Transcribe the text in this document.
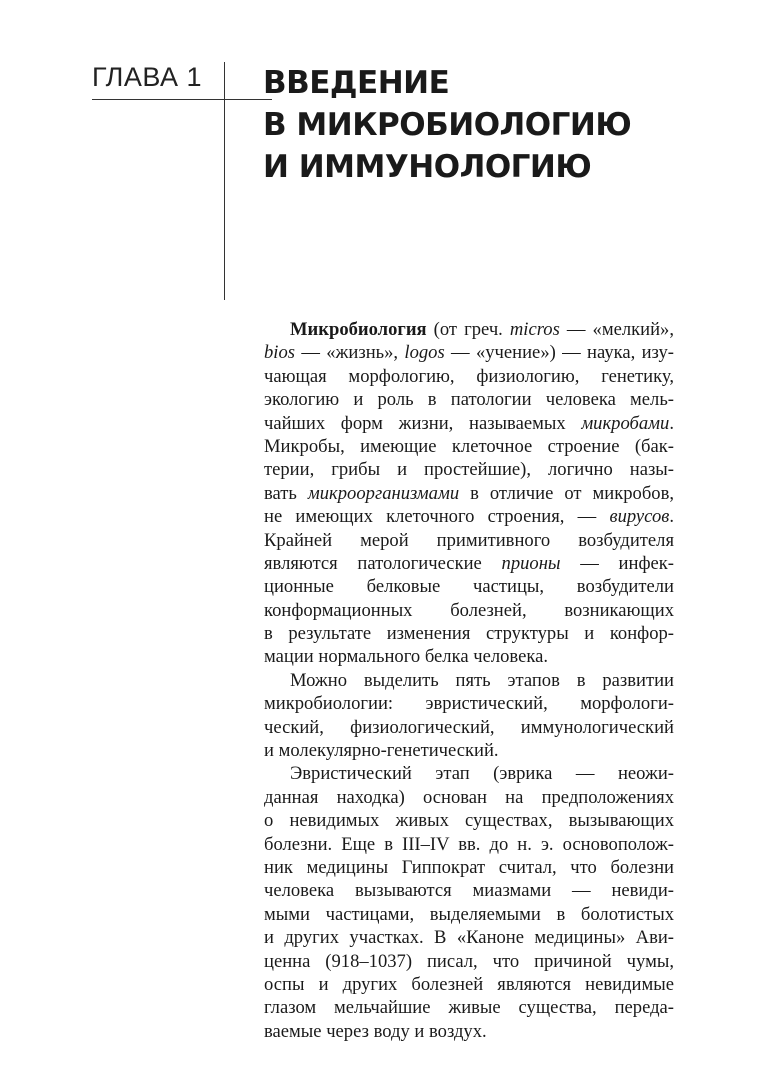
ГЛАВА 1 ВВЕДЕНИЕ
В МИКРОБИОЛОГИЮ
И ИММУНОЛОГИЮ
Микробиология (от греч. micros — «мелкий»,
bios — «жизнь», logos — «учение») — наука, изу-
чающая морфологию, физиологию, генетику,
экологию и роль в патологии человека мель-
чайших форм жизни, называемых микробами.
Микробы, имеющие клеточное строение (бак-
терии, грибы и простейшие), логично назы-
вать микроорганизмами в отличие от микробов,
не имеющих клеточного строения, — вирусов.
Крайней мерой примитивного возбудителя
являются патологические прионы — инфек-
ционные белковые частицы, возбудители
конформационных болезней, возникающих
в результате изменения структуры и конфор-
мации нормального белка человека.
Можно выделить пять этапов в развитии
микробиологии: эвристический, морфологи-
ческий, физиологический, иммунологический
и молекулярно-генетический.
Эвристический этап (эврика — неожи-
данная находка) основан на предположениях
о невидимых живых существах, вызывающих
болезни. Еще в III–IV вв. до н. э. основополож-
ник медицины Гиппократ считал, что болезни
человека вызываются миазмами — невиди-
мыми частицами, выделяемыми в болотистых
и других участках. В «Каноне медицины» Ави-
ценна (918–1037) писал, что причиной чумы,
оспы и других болезней являются невидимые
глазом мельчайшие живые существа, переда-
ваемые через воду и воздух.
